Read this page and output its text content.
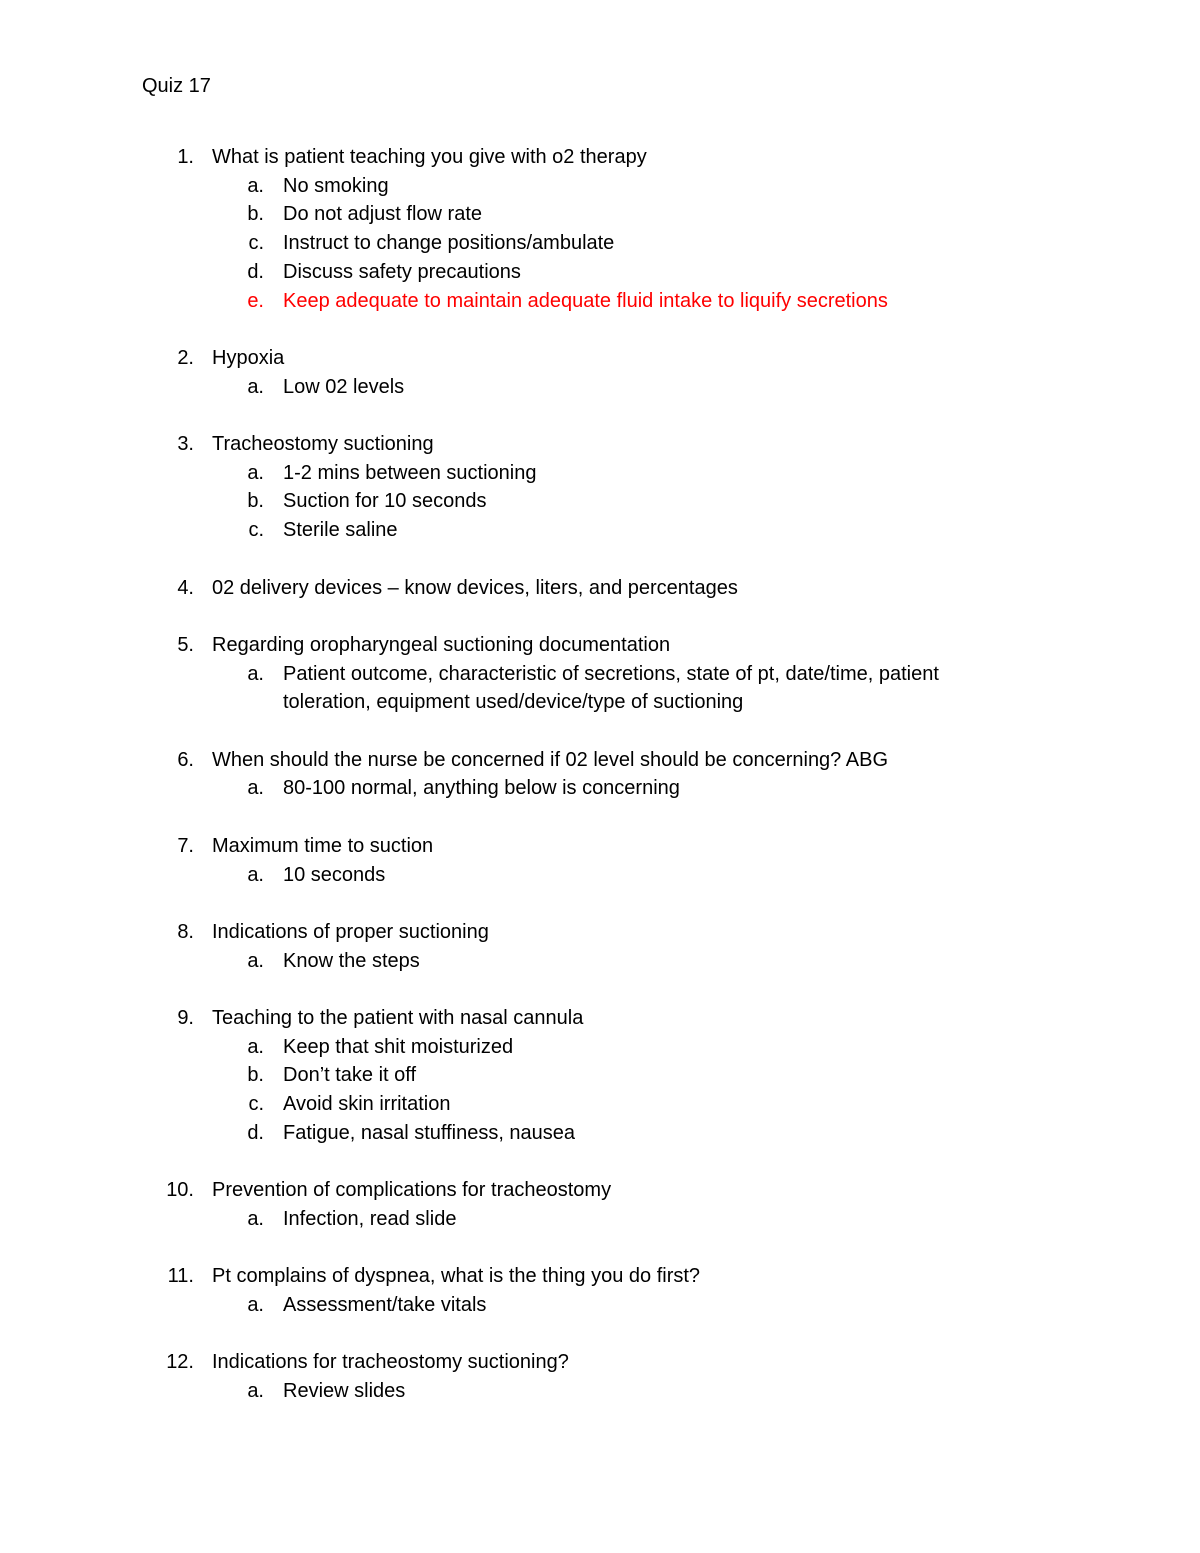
Quiz 17
1. What is patient teaching you give with o2 therapy
a. No smoking
b. Do not adjust flow rate
c. Instruct to change positions/ambulate
d. Discuss safety precautions
e. Keep adequate to maintain adequate fluid intake to liquify secretions
2. Hypoxia
a. Low 02 levels
3. Tracheostomy suctioning
a. 1-2 mins between suctioning
b. Suction for 10 seconds
c. Sterile saline
4. 02 delivery devices – know devices, liters, and percentages
5. Regarding oropharyngeal suctioning documentation
a. Patient outcome, characteristic of secretions, state of pt, date/time, patient
toleration, equipment used/device/type of suctioning
6. When should the nurse be concerned if 02 level should be concerning? ABG
a. 80-100 normal, anything below is concerning
7. Maximum time to suction
a. 10 seconds
8. Indications of proper suctioning
a. Know the steps
9. Teaching to the patient with nasal cannula
a. Keep that shit moisturized
b. Don’t take it off
c. Avoid skin irritation
d. Fatigue, nasal stuffiness, nausea
10. Prevention of complications for tracheostomy
a. Infection, read slide
11. Pt complains of dyspnea, what is the thing you do first?
a. Assessment/take vitals
12. Indications for tracheostomy suctioning?
a. Review slides
